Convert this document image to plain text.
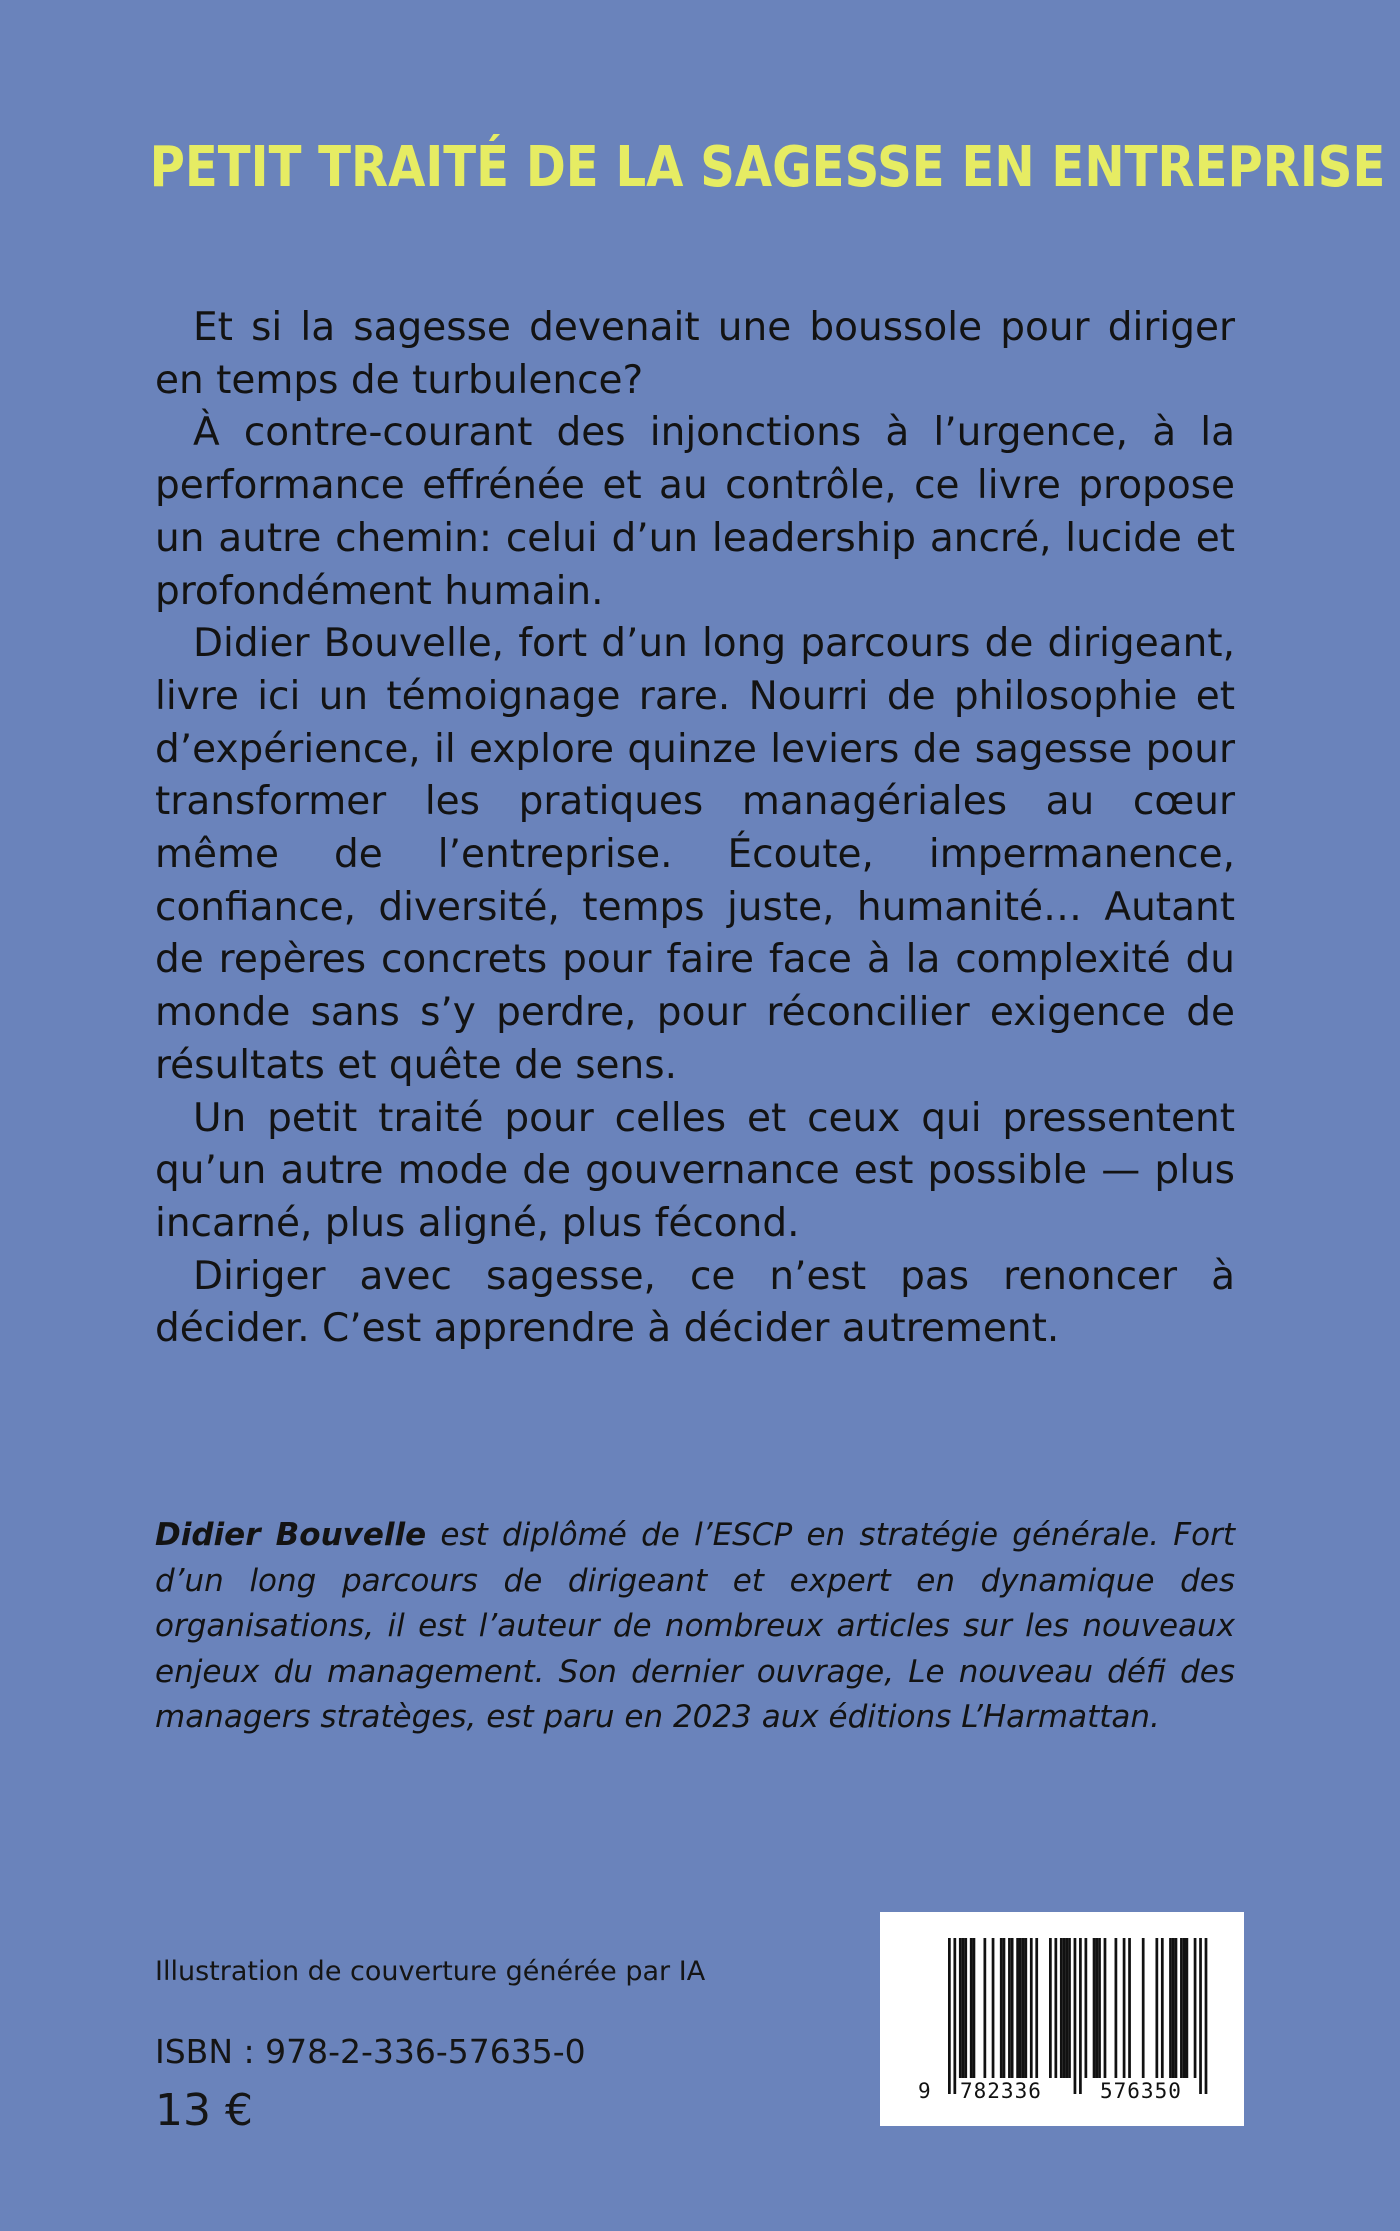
PETIT TRAITÉ DE LA SAGESSE EN ENTREPRISE

Et si la sagesse devenait une boussole pour diriger en temps de turbulence?

À contre-courant des injonctions à l’urgence, à la performance effrénée et au contrôle, ce livre propose un autre chemin: celui d’un leadership ancré, lucide et profondément humain.

Didier Bouvelle, fort d’un long parcours de dirigeant, livre ici un témoignage rare. Nourri de philosophie et d’expérience, il explore quinze leviers de sagesse pour transformer les pratiques managériales au cœur même de l’entreprise. Écoute, impermanence, confiance, diversité, temps juste, humanité… Autant de repères concrets pour faire face à la complexité du monde sans s’y perdre, pour réconcilier exigence de résultats et quête de sens.

Un petit traité pour celles et ceux qui pressentent qu’un autre mode de gouvernance est possible — plus incarné, plus aligné, plus fécond.

Diriger avec sagesse, ce n’est pas renoncer à décider. C’est apprendre à décider autrement.

Didier Bouvelle est diplômé de l’ESCP en stratégie générale. Fort d’un long parcours de dirigeant et expert en dynamique des organisations, il est l’auteur de nombreux articles sur les nouveaux enjeux du management. Son dernier ouvrage, Le nouveau défi des managers stratèges, est paru en 2023 aux éditions L’Harmattan.

Illustration de couverture générée par IA
ISBN : 978-2-336-57635-0
13 €	9 782336	576350
